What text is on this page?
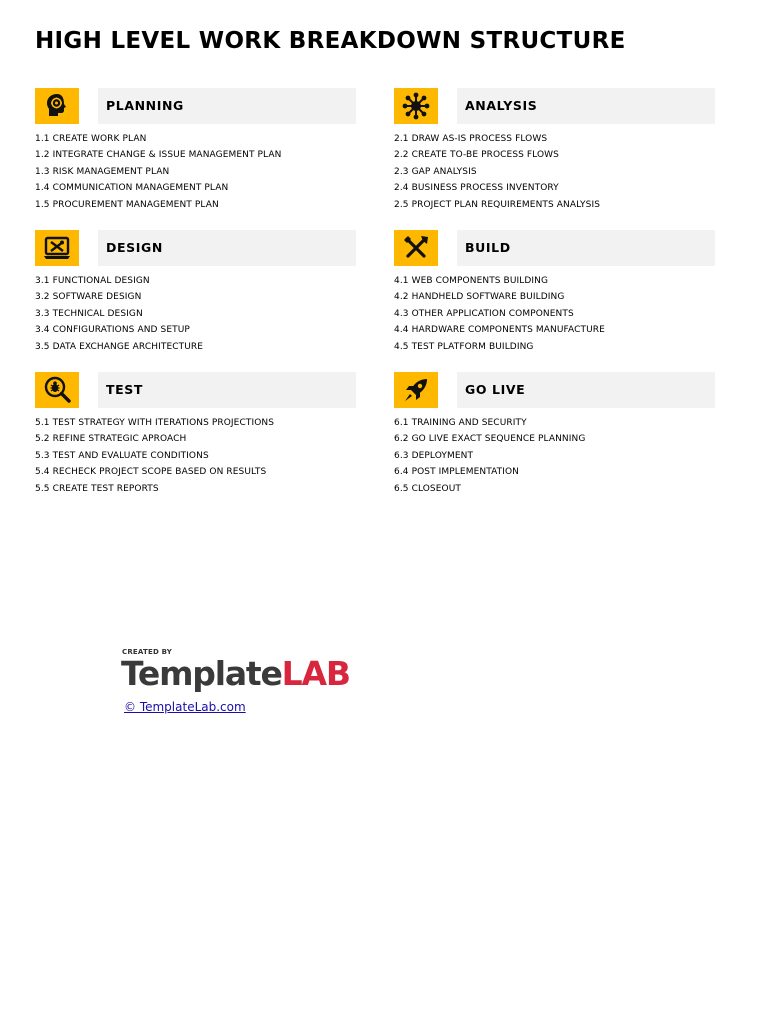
HIGH LEVEL WORK BREAKDOWN STRUCTURE
PLANNING
1.1 CREATE WORK PLAN
1.2 INTEGRATE CHANGE & ISSUE MANAGEMENT PLAN
1.3 RISK MANAGEMENT PLAN
1.4 COMMUNICATION MANAGEMENT PLAN
1.5 PROCUREMENT MANAGEMENT PLAN
ANALYSIS
2.1 DRAW AS-IS PROCESS FLOWS
2.2 CREATE TO-BE PROCESS FLOWS
2.3 GAP ANALYSIS
2.4 BUSINESS PROCESS INVENTORY
2.5 PROJECT PLAN REQUIREMENTS ANALYSIS
DESIGN
3.1 FUNCTIONAL DESIGN
3.2 SOFTWARE DESIGN
3.3 TECHNICAL DESIGN
3.4 CONFIGURATIONS AND SETUP
3.5 DATA EXCHANGE ARCHITECTURE
BUILD
4.1 WEB COMPONENTS BUILDING
4.2 HANDHELD SOFTWARE BUILDING
4.3 OTHER APPLICATION COMPONENTS
4.4 HARDWARE COMPONENTS MANUFACTURE
4.5 TEST PLATFORM BUILDING
TEST
5.1 TEST STRATEGY WITH ITERATIONS PROJECTIONS
5.2 REFINE STRATEGIC APROACH
5.3 TEST AND EVALUATE CONDITIONS
5.4 RECHECK PROJECT SCOPE BASED ON RESULTS
5.5 CREATE TEST REPORTS
GO LIVE
6.1 TRAINING AND SECURITY
6.2 GO LIVE EXACT SEQUENCE PLANNING
6.3 DEPLOYMENT
6.4 POST IMPLEMENTATION
6.5 CLOSEOUT
CREATED BY
TemplateLAB
© TemplateLab.com
